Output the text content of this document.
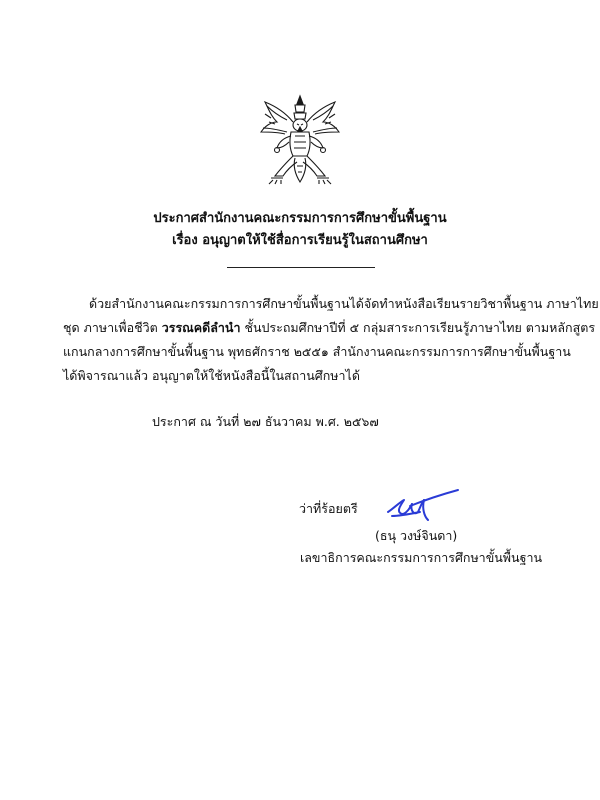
ประกาศสำนักงานคณะกรรมการการศึกษาขั้นพื้นฐาน
เรื่อง อนุญาตให้ใช้สื่อการเรียนรู้ในสถานศึกษา
ด้วยสำนักงานคณะกรรมการการศึกษาขั้นพื้นฐานได้จัดทำหนังสือเรียนรายวิชาพื้นฐาน ภาษาไทย
ชุด ภาษาเพื่อชีวิต วรรณคดีลำนำ ชั้นประถมศึกษาปีที่ ๕ กลุ่มสาระการเรียนรู้ภาษาไทย ตามหลักสูตร
แกนกลางการศึกษาขั้นพื้นฐาน พุทธศักราช ๒๕๕๑ สำนักงานคณะกรรมการการศึกษาขั้นพื้นฐาน
ได้พิจารณาแล้ว อนุญาตให้ใช้หนังสือนี้ในสถานศึกษาได้
ประกาศ ณ วันที่ ๒๗ ธันวาคม พ.ศ. ๒๕๖๗
ว่าที่ร้อยตรี
(ธนุ วงษ์จินดา)
เลขาธิการคณะกรรมการการศึกษาขั้นพื้นฐาน
